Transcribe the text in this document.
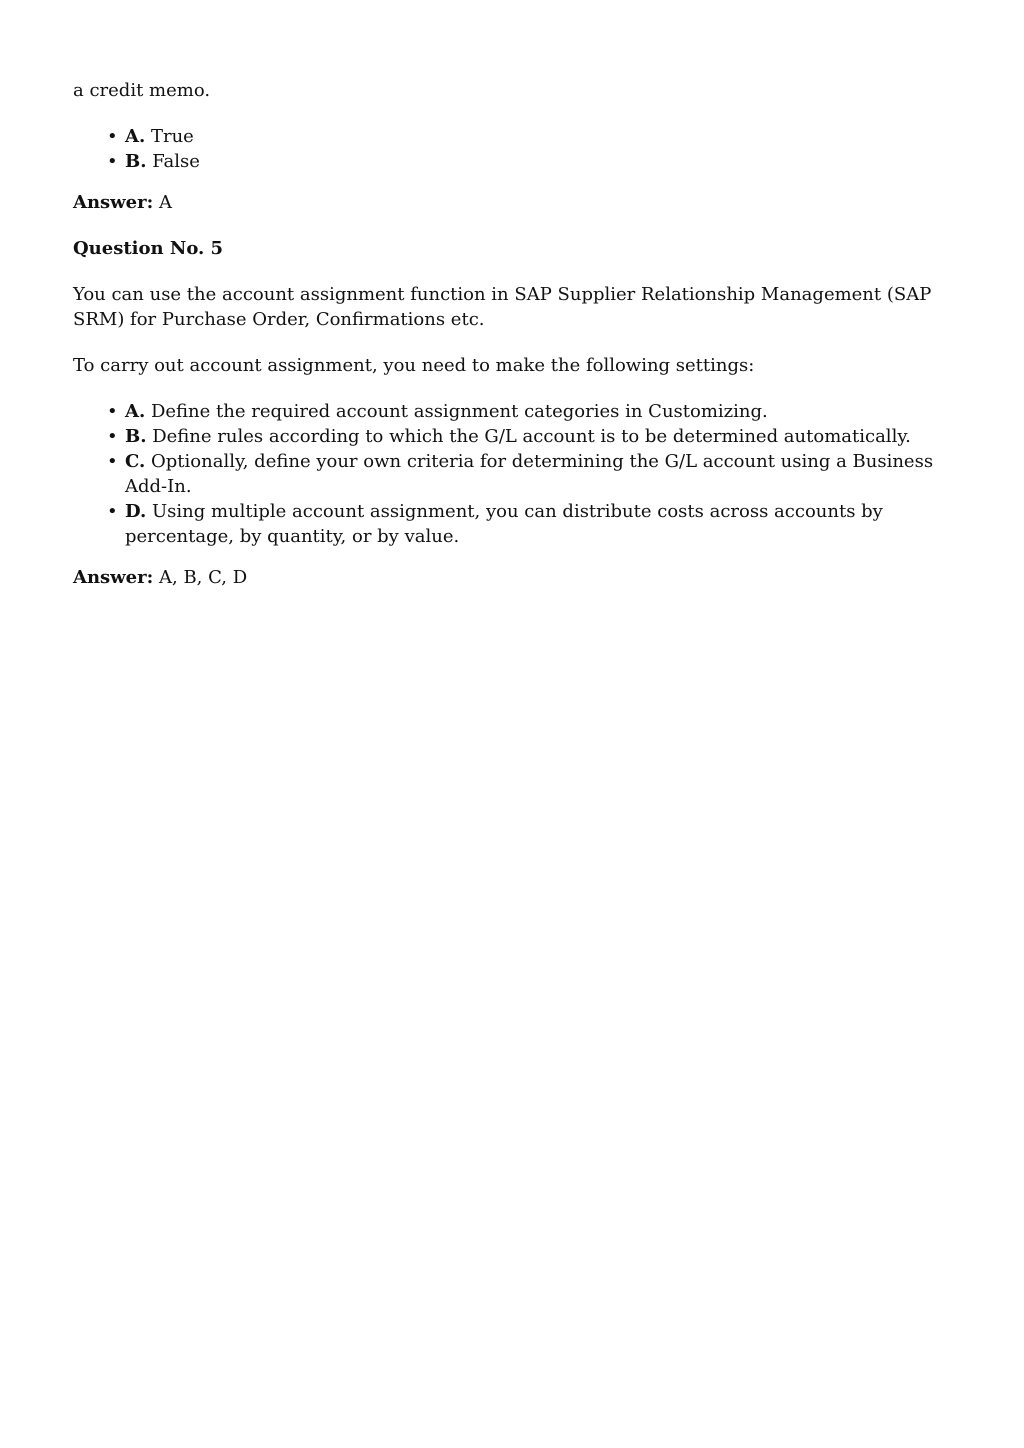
a credit memo.

• A. True
• B. False

Answer: A

Question No. 5

You can use the account assignment function in SAP Supplier Relationship Management (SAP SRM) for Purchase Order, Confirmations etc.

To carry out account assignment, you need to make the following settings:

• A. Define the required account assignment categories in Customizing.
• B. Define rules according to which the G/L account is to be determined automatically.
• C. Optionally, define your own criteria for determining the G/L account using a Business Add-In.
• D. Using multiple account assignment, you can distribute costs across accounts by percentage, by quantity, or by value.

Answer: A, B, C, D
